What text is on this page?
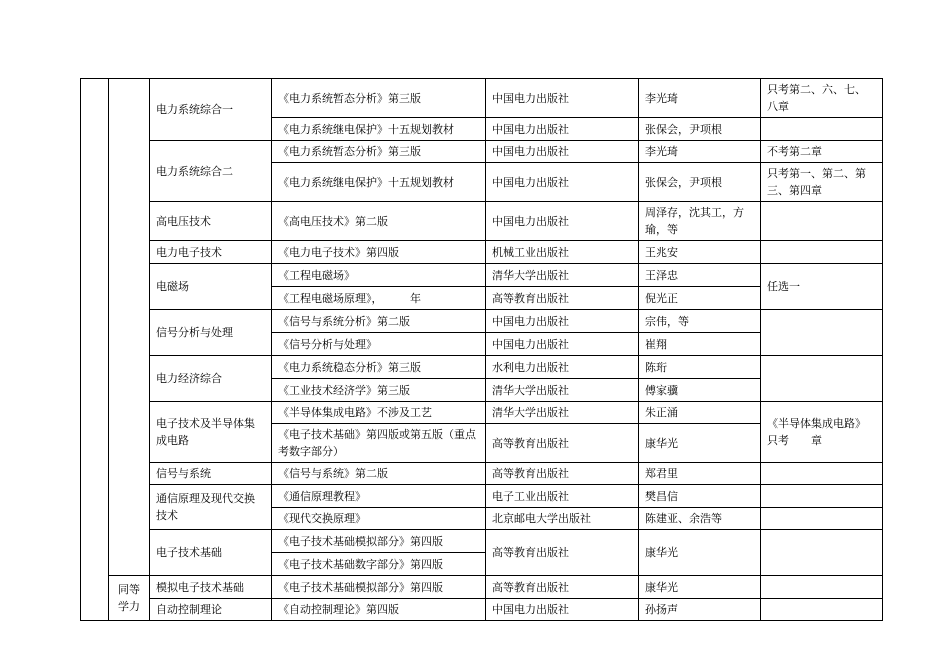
		电力系统综合一	《电力系统暂态分析》第三版	中国电力出版社	李光琦	只考第二、六、七、八章
			《电力系统继电保护》十五规划教材	中国电力出版社	张保会，尹项根	
		电力系统综合二	《电力系统暂态分析》第三版	中国电力出版社	李光琦	不考第二章
			《电力系统继电保护》十五规划教材	中国电力出版社	张保会，尹项根	只考第一、第二、第三、第四章
		高电压技术	《高电压技术》第二版	中国电力出版社	周泽存，沈其工，方瑜，等	
		电力电子技术	《电力电子技术》第四版	机械工业出版社	王兆安	
		电磁场	《工程电磁场》	清华大学出版社	王泽忠	任选一
			《工程电磁场原理》，　　　年	高等教育出版社	倪光正	
		信号分析与处理	《信号与系统分析》第二版	中国电力出版社	宗伟，等	
			《信号分析与处理》	中国电力出版社	崔翔	
		电力经济综合	《电力系统稳态分析》第三版	水利电力出版社	陈珩	
			《工业技术经济学》第三版	清华大学出版社	傅家骥	
		电子技术及半导体集成电路	《半导体集成电路》不涉及工艺	清华大学出版社	朱正涌	《半导体集成电路》只考　　章
			《电子技术基础》第四版或第五版（重点考数字部分）	高等教育出版社	康华光	
		信号与系统	《信号与系统》第二版	高等教育出版社	郑君里	
		通信原理及现代交换技术	《通信原理教程》	电子工业出版社	樊昌信	
			《现代交换原理》	北京邮电大学出版社	陈建亚、余浩等	
		电子技术基础	《电子技术基础模拟部分》第四版	高等教育出版社	康华光	
			《电子技术基础数字部分》第四版			
	同等学力	模拟电子技术基础	《电子技术基础模拟部分》第四版	高等教育出版社	康华光	
		自动控制理论	《自动控制理论》第四版	中国电力出版社	孙扬声	
